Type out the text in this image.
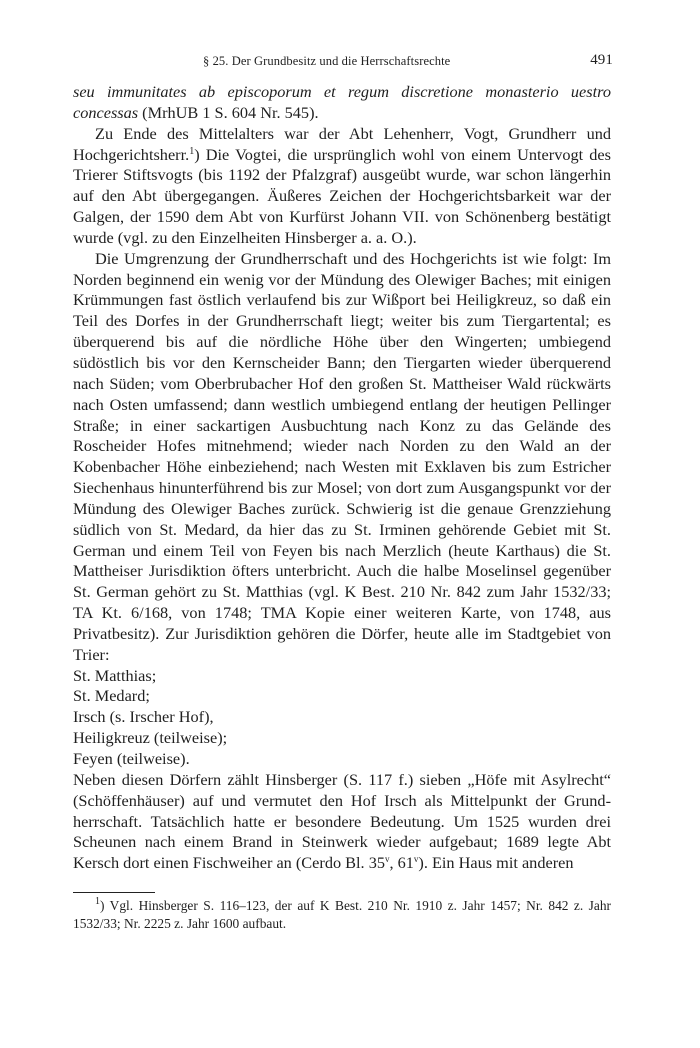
§ 25. Der Grundbesitz und die Herrschaftsrechte	491

seu immunitates ab episcoporum et regum discretione monasterio uestro concessas (MrhUB 1 S. 604 Nr. 545).

Zu Ende des Mittelalters war der Abt Lehenherr, Vogt, Grundherr und Hochgerichtsherr.$^1$) Die Vogtei, die ursprünglich wohl von einem Untervogt des Trierer Stiftsvogts (bis 1192 der Pfalzgraf) ausgeübt wurde, war schon längerhin auf den Abt übergegangen. Äußeres Zeichen der Hochgerichtsbarkeit war der Galgen, der 1590 dem Abt von Kurfürst Johann VII. von Schönenberg bestätigt wurde (vgl. zu den Einzelheiten Hinsberger a. a. O.).

Die Umgrenzung der Grundherrschaft und des Hochgerichts ist wie folgt: Im Norden beginnend ein wenig vor der Mündung des Olewiger Baches; mit einigen Krümmungen fast östlich verlaufend bis zur Wißport bei Heiligkreuz, so daß ein Teil des Dorfes in der Grundherrschaft liegt; weiter bis zum Tiergartental; es überquerend bis auf die nördliche Höhe über den Wingerten; umbiegend südöstlich bis vor den Kernscheider Bann; den Tiergarten wieder überquerend nach Süden; vom Oberbrubacher Hof den großen St. Mattheiser Wald rückwärts nach Osten umfassend; dann westlich umbiegend entlang der heutigen Pellinger Straße; in einer sackartigen Ausbuchtung nach Konz zu das Gelände des Roscheider Hofes mitnehmend; wieder nach Norden zu den Wald an der Kobenbacher Höhe einbeziehend; nach Westen mit Exklaven bis zum Estricher Siechenhaus hinunterführend bis zur Mosel; von dort zum Ausgangspunkt vor der Mündung des Olewiger Baches zurück. Schwierig ist die genaue Grenzziehung südlich von St. Medard, da hier das zu St. Irminen gehörende Gebiet mit St. German und einem Teil von Feyen bis nach Merzlich (heute Karthaus) die St. Mattheiser Jurisdiktion öfters unterbricht. Auch die halbe Moselinsel gegenüber St. German gehört zu St. Matthias (vgl. K Best. 210 Nr. 842 zum Jahr 1532/33; TA Kt. 6/168, von 1748; TMA Kopie einer weiteren Karte, von 1748, aus Privatbesitz). Zur Jurisdiktion gehören die Dörfer, heute alle im Stadtgebiet von Trier:

St. Matthias;
St. Medard;
Irsch (s. Irscher Hof),
Heiligkreuz (teilweise);
Feyen (teilweise).

Neben diesen Dörfern zählt Hinsberger (S. 117 f.) sieben „Höfe mit Asylrecht“ (Schöffenhäuser) auf und vermutet den Hof Irsch als Mittelpunkt der Grundherrschaft. Tatsächlich hatte er besondere Bedeutung. Um 1525 wurden drei Scheunen nach einem Brand in Steinwerk wieder aufgebaut; 1689 legte Abt Kersch dort einen Fischweiher an (Cerdo Bl. 35$^v$, 61$^v$). Ein Haus mit anderen

$^1$) Vgl. Hinsberger S. 116–123, der auf K Best. 210 Nr. 1910 z. Jahr 1457; Nr. 842 z. Jahr 1532/33; Nr. 2225 z. Jahr 1600 aufbaut.
